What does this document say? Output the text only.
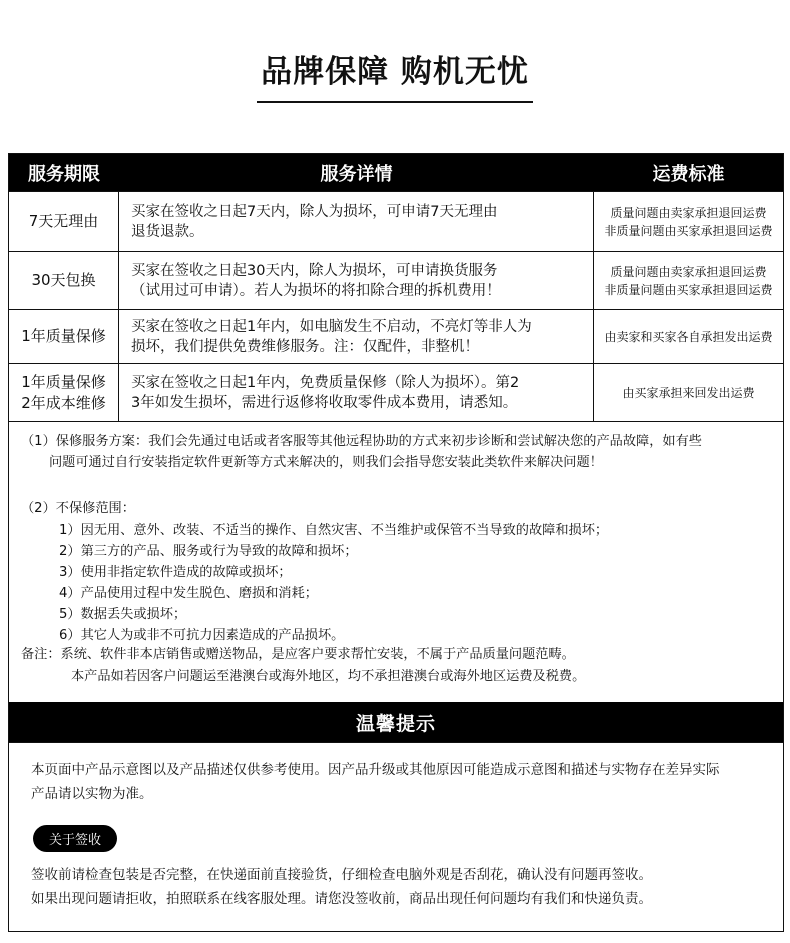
品牌保障 购机无忧
服务期限	服务详情	运费标准
7天无理由
买家在签收之日起7天内，除人为损坏，可申请7天无理由
退货退款。
质量问题由卖家承担退回运费
非质量问题由买家承担退回运费
30天包换
买家在签收之日起30天内，除人为损坏，可申请换货服务
（试用过可申请）。若人为损坏的将扣除合理的拆机费用！
质量问题由卖家承担退回运费
非质量问题由买家承担退回运费
1年质量保修
买家在签收之日起1年内，如电脑发生不启动，不亮灯等非人为
损坏，我们提供免费维修服务。注：仅配件，非整机！
由卖家和买家各自承担发出运费
1年质量保修
2年成本维修
买家在签收之日起1年内，免费质量保修（除人为损坏）。第2
3年如发生损坏，需进行返修将收取零件成本费用，请悉知。
由买家承担来回发出运费
（1）保修服务方案：我们会先通过电话或者客服等其他远程协助的方式来初步诊断和尝试解决您的产品故障，如有些
问题可通过自行安装指定软件更新等方式来解决的，则我们会指导您安装此类软件来解决问题！
（2）不保修范围：
1）因无用、意外、改装、不适当的操作、自然灾害、不当维护或保管不当导致的故障和损坏；
2）第三方的产品、服务或行为导致的故障和损坏；
3）使用非指定软件造成的故障或损坏；
4）产品使用过程中发生脱色、磨损和消耗；
5）数据丢失或损坏；
6）其它人为或非不可抗力因素造成的产品损坏。
备注：系统、软件非本店销售或赠送物品，是应客户要求帮忙安装，不属于产品质量问题范畴。
本产品如若因客户问题运至港澳台或海外地区，均不承担港澳台或海外地区运费及税费。
温馨提示
本页面中产品示意图以及产品描述仅供参考使用。因产品升级或其他原因可能造成示意图和描述与实物存在差异实际
产品请以实物为准。
关于签收
签收前请检查包装是否完整，在快递面前直接验货，仔细检查电脑外观是否刮花，确认没有问题再签收。
如果出现问题请拒收，拍照联系在线客服处理。请您没签收前，商品出现任何问题均有我们和快递负责。
